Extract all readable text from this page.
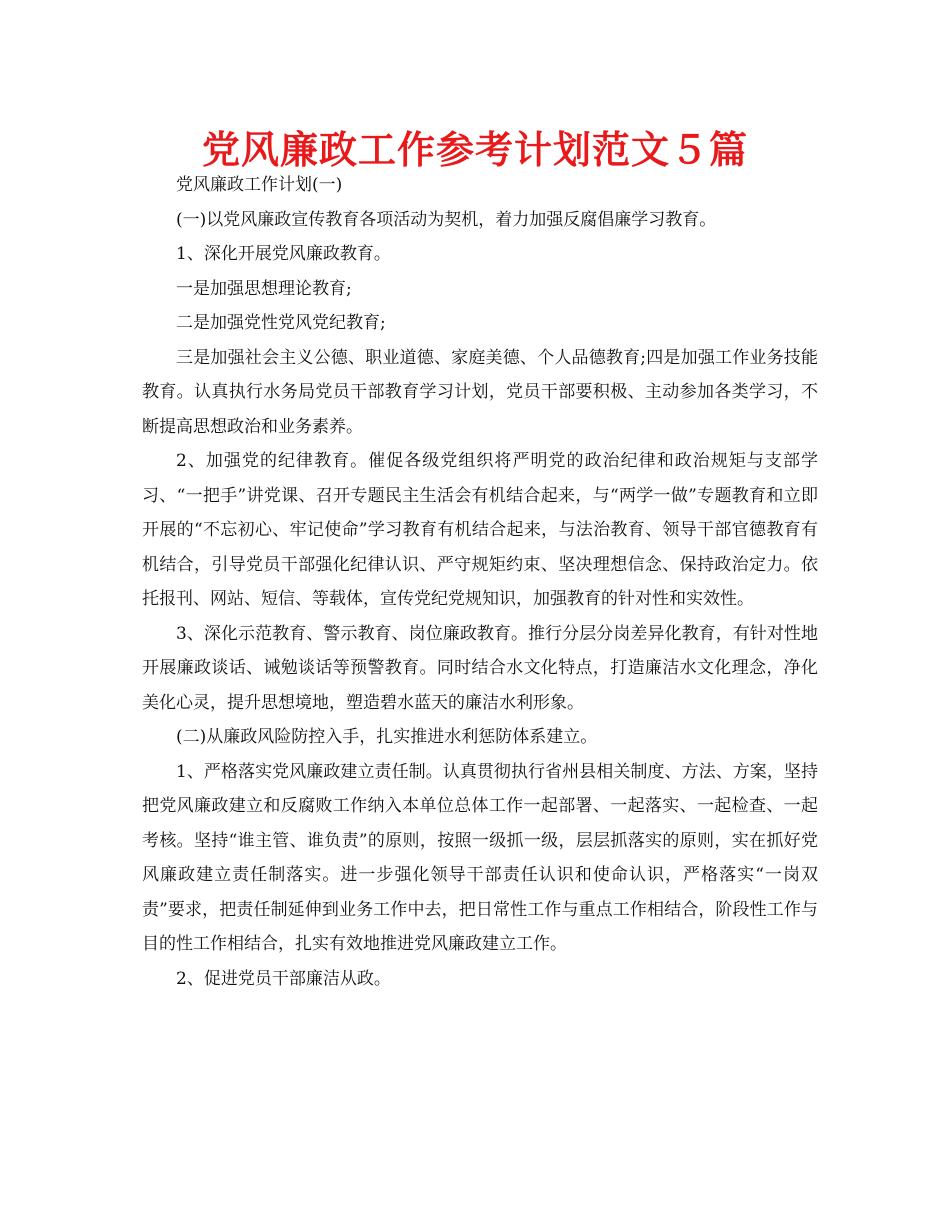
党风廉政工作参考计划范文５篇

党风廉政工作计划(一)

(一)以党风廉政宣传教育各项活动为契机，着力加强反腐倡廉学习教育。

1、深化开展党风廉政教育。

一是加强思想理论教育;

二是加强党性党风党纪教育;

三是加强社会主义公德、职业道德、家庭美德、个人品德教育;四是加强工作业务技能教育。认真执行水务局党员干部教育学习计划，党员干部要积极、主动参加各类学习，不断提高思想政治和业务素养。

2、加强党的纪律教育。催促各级党组织将严明党的政治纪律和政治规矩与支部学习、“一把手”讲党课、召开专题民主生活会有机结合起来，与“两学一做”专题教育和立即开展的“不忘初心、牢记使命”学习教育有机结合起来，与法治教育、领导干部官德教育有机结合，引导党员干部强化纪律认识、严守规矩约束、坚决理想信念、保持政治定力。依托报刊、网站、短信、等载体，宣传党纪党规知识，加强教育的针对性和实效性。

3、深化示范教育、警示教育、岗位廉政教育。推行分层分岗差异化教育，有针对性地开展廉政谈话、诫勉谈话等预警教育。同时结合水文化特点，打造廉洁水文化理念，净化美化心灵，提升思想境地，塑造碧水蓝天的廉洁水利形象。

(二)从廉政风险防控入手，扎实推进水利惩防体系建立。

1、严格落实党风廉政建立责任制。认真贯彻执行省州县相关制度、方法、方案，坚持把党风廉政建立和反腐败工作纳入本单位总体工作一起部署、一起落实、一起检查、一起考核。坚持“谁主管、谁负责”的原则，按照一级抓一级，层层抓落实的原则，实在抓好党风廉政建立责任制落实。进一步强化领导干部责任认识和使命认识，严格落实“一岗双责”要求，把责任制延伸到业务工作中去，把日常性工作与重点工作相结合，阶段性工作与目的性工作相结合，扎实有效地推进党风廉政建立工作。

2、促进党员干部廉洁从政。
